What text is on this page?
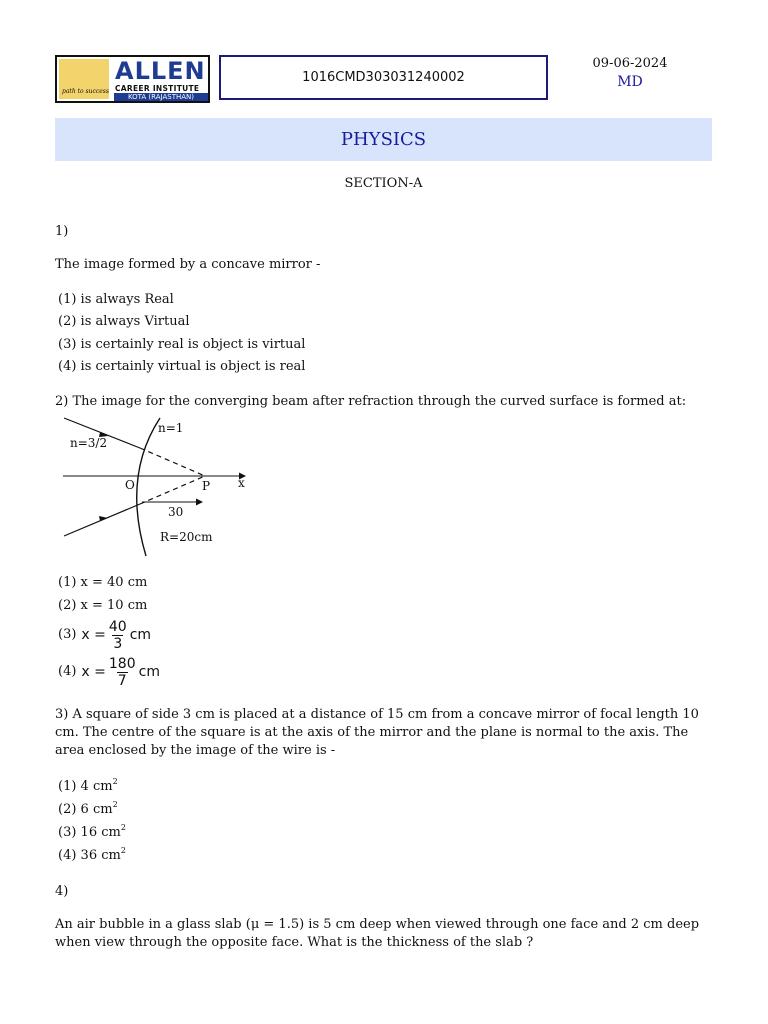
path to success
ALLEN
CAREER INSTITUTE
KOTA (RAJASTHAN)
1016CMD303031240002
09-06-2024
MD
PHYSICS
SECTION-A
1)
The image formed by a concave mirror -
(1) is always Real
(2) is always Virtual
(3) is certainly real is object is virtual
(4) is certainly virtual is object is real
2) The image for the converging beam after refraction through the curved surface is formed at:
n=3/2
n=1
O	P x
30
R=20cm
(1) x = 40 cm
(2) x = 10 cm
(3) $x = \frac{40}{3}$ cm
(4) $x = \frac{180}{7}$ cm
3) A square of side 3 cm is placed at a distance of 15 cm from a concave mirror of focal length 10 cm. The centre of the square is at the axis of the mirror and the plane is normal to the axis. The area enclosed by the image of the wire is -
(1) 4 $cm^2$
(2) 6 $cm^2$
(3) 16 $cm^2$
(4) 36 $cm^2$
4)
An air bubble in a glass slab (μ = 1.5) is 5 cm deep when viewed through one face and 2 cm deep when view through the opposite face. What is the thickness of the slab ?
